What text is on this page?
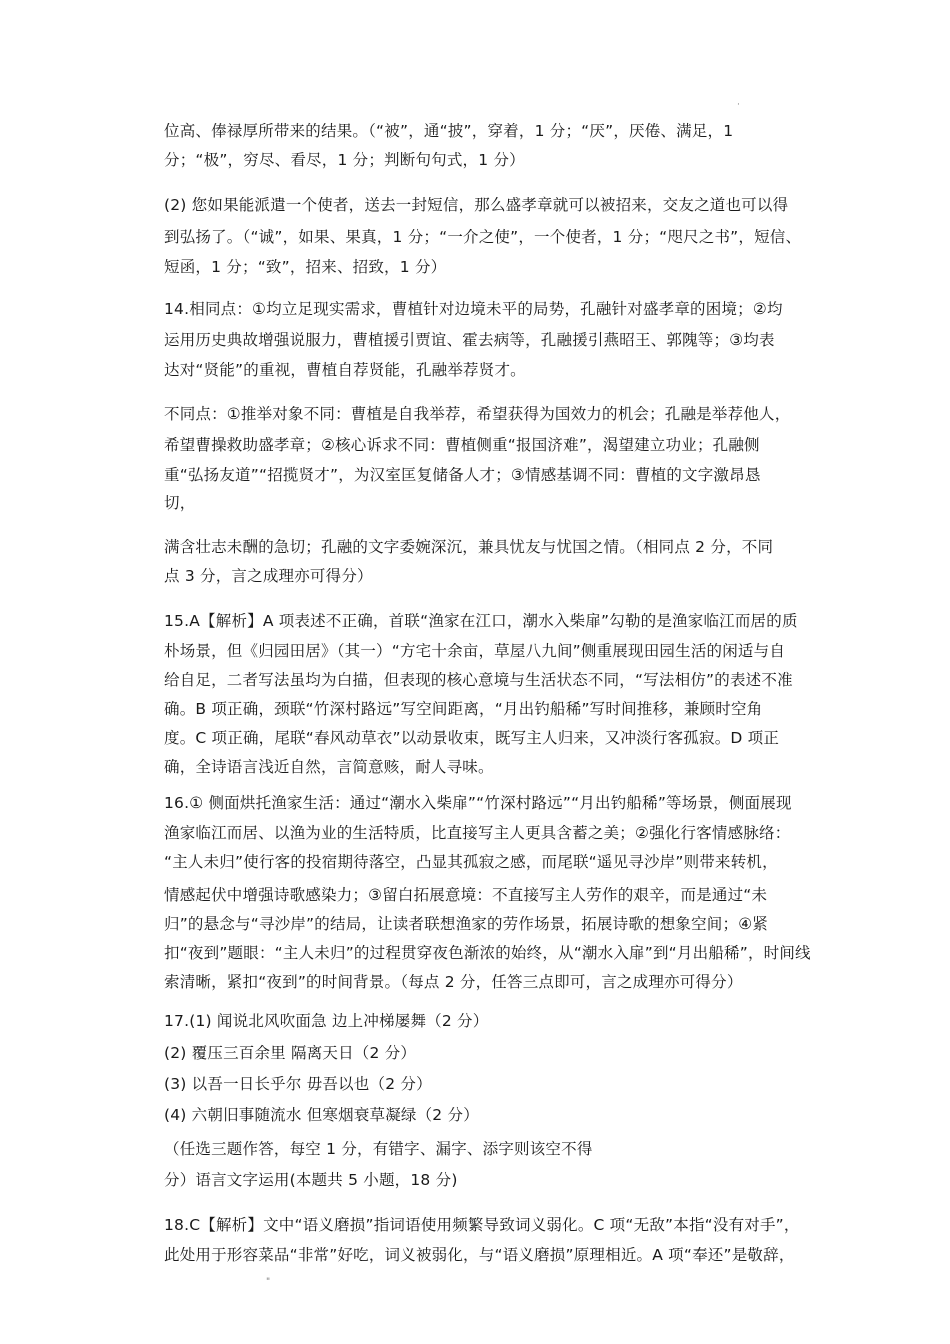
·
位高、俸禄厚所带来的结果。（“被”，通“披”，穿着，1 分；“厌”，厌倦、满足，1
分；“极”，穷尽、看尽，1 分；判断句句式，1 分）
(2) 您如果能派遣一个使者，送去一封短信，那么盛孝章就可以被招来，交友之道也可以得
到弘扬了。（“诚”，如果、果真，1 分；“一介之使”，一个使者，1 分；“咫尺之书”，短信、
短函，1 分；“致”，招来、招致，1 分）
14.相同点：①均立足现实需求，曹植针对边境未平的局势，孔融针对盛孝章的困境；②均
运用历史典故增强说服力，曹植援引贾谊、霍去病等，孔融援引燕昭王、郭隗等；③均表
达对“贤能”的重视，曹植自荐贤能，孔融举荐贤才。
不同点：①推举对象不同：曹植是自我举荐，希望获得为国效力的机会；孔融是举荐他人，
希望曹操救助盛孝章；②核心诉求不同：曹植侧重“报国济难”，渴望建立功业；孔融侧
重“弘扬友道”“招揽贤才”，为汉室匡复储备人才；③情感基调不同：曹植的文字激昂恳
切，
满含壮志未酬的急切；孔融的文字委婉深沉，兼具忧友与忧国之情。（相同点 2 分，不同
点 3 分，言之成理亦可得分）
15.A【解析】A 项表述不正确，首联“渔家在江口，潮水入柴扉”勾勒的是渔家临江而居的质
朴场景，但《归园田居》（其一）“方宅十余亩，草屋八九间”侧重展现田园生活的闲适与自
给自足，二者写法虽均为白描，但表现的核心意境与生活状态不同，“写法相仿”的表述不准
确。B 项正确，颈联“竹深村路远”写空间距离，“月出钓船稀”写时间推移，兼顾时空角
度。C 项正确，尾联“春风动草衣”以动景收束，既写主人归来，又冲淡行客孤寂。D 项正
确，全诗语言浅近自然，言简意赅，耐人寻味。
16.① 侧面烘托渔家生活：通过“潮水入柴扉”“竹深村路远”“月出钓船稀”等场景，侧面展现
渔家临江而居、以渔为业的生活特质，比直接写主人更具含蓄之美；②强化行客情感脉络：
“主人未归”使行客的投宿期待落空，凸显其孤寂之感，而尾联“遥见寻沙岸”则带来转机，
情感起伏中增强诗歌感染力；③留白拓展意境：不直接写主人劳作的艰辛，而是通过“未
归”的悬念与“寻沙岸”的结局，让读者联想渔家的劳作场景，拓展诗歌的想象空间；④紧
扣“夜到”题眼：“主人未归”的过程贯穿夜色渐浓的始终，从“潮水入扉”到“月出船稀”，时间线
索清晰，紧扣“夜到”的时间背景。（每点 2 分，任答三点即可，言之成理亦可得分）
17.(1) 闻说北风吹面急 边上冲梯屡舞（2 分）
(2) 覆压三百余里 隔离天日（2 分）
(3) 以吾一日长乎尔 毋吾以也（2 分）
(4) 六朝旧事随流水 但寒烟衰草凝绿（2 分）
（任选三题作答，每空 1 分，有错字、漏字、添字则该空不得
分）语言文字运用(本题共 5 小题，18 分)
18.C【解析】文中“语义磨损”指词语使用频繁导致词义弱化。C 项“无敌”本指“没有对手”，
此处用于形容菜品“非常”好吃，词义被弱化，与“语义磨损”原理相近。A 项“奉还”是敬辞，
"
